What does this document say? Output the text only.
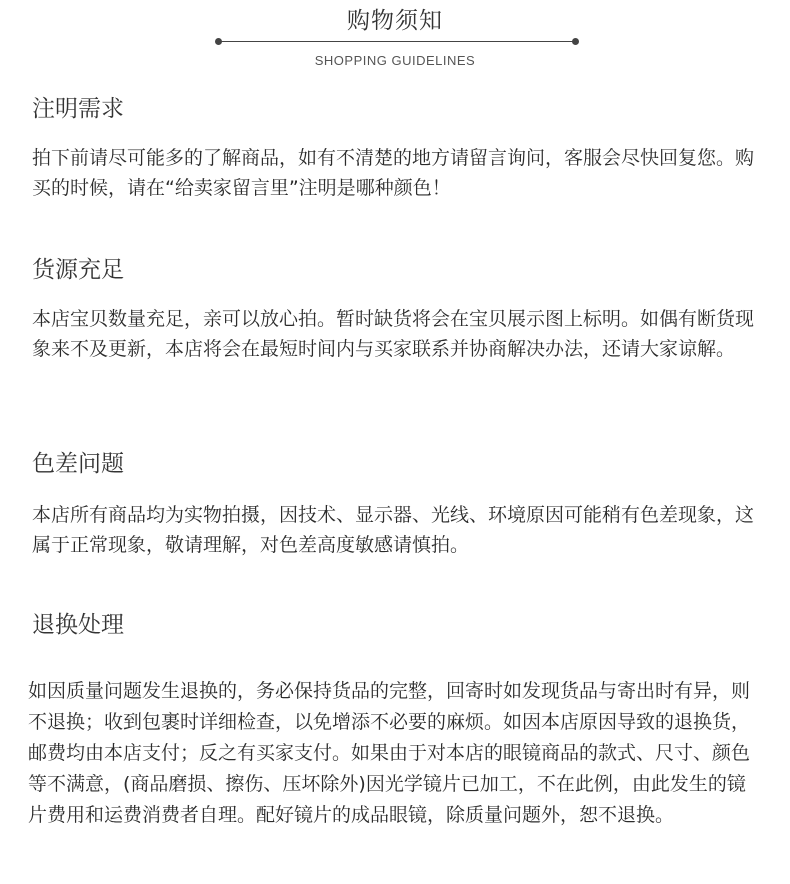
购物须知
SHOPPING GUIDELINES
注明需求

拍下前请尽可能多的了解商品，如有不清楚的地方请留言询问，客服会尽快回复您。购买的时候，请在“给卖家留言里”注明是哪种颜色！

货源充足

本店宝贝数量充足，亲可以放心拍。暂时缺货将会在宝贝展示图上标明。如偶有断货现象来不及更新，本店将会在最短时间内与买家联系并协商解决办法，还请大家谅解。

色差问题

本店所有商品均为实物拍摄，因技术、显示器、光线、环境原因可能稍有色差现象，这属于正常现象，敬请理解，对色差高度敏感请慎拍。

退换处理

如因质量问题发生退换的，务必保持货品的完整，回寄时如发现货品与寄出时有异，则不退换；收到包裹时详细检查，以免增添不必要的麻烦。如因本店原因导致的退换货，邮费均由本店支付；反之有买家支付。如果由于对本店的眼镜商品的款式、尺寸、颜色等不满意，(商品磨损、擦伤、压坏除外)因光学镜片已加工，不在此例，由此发生的镜片费用和运费消费者自理。配好镜片的成品眼镜，除质量问题外，恕不退换。
